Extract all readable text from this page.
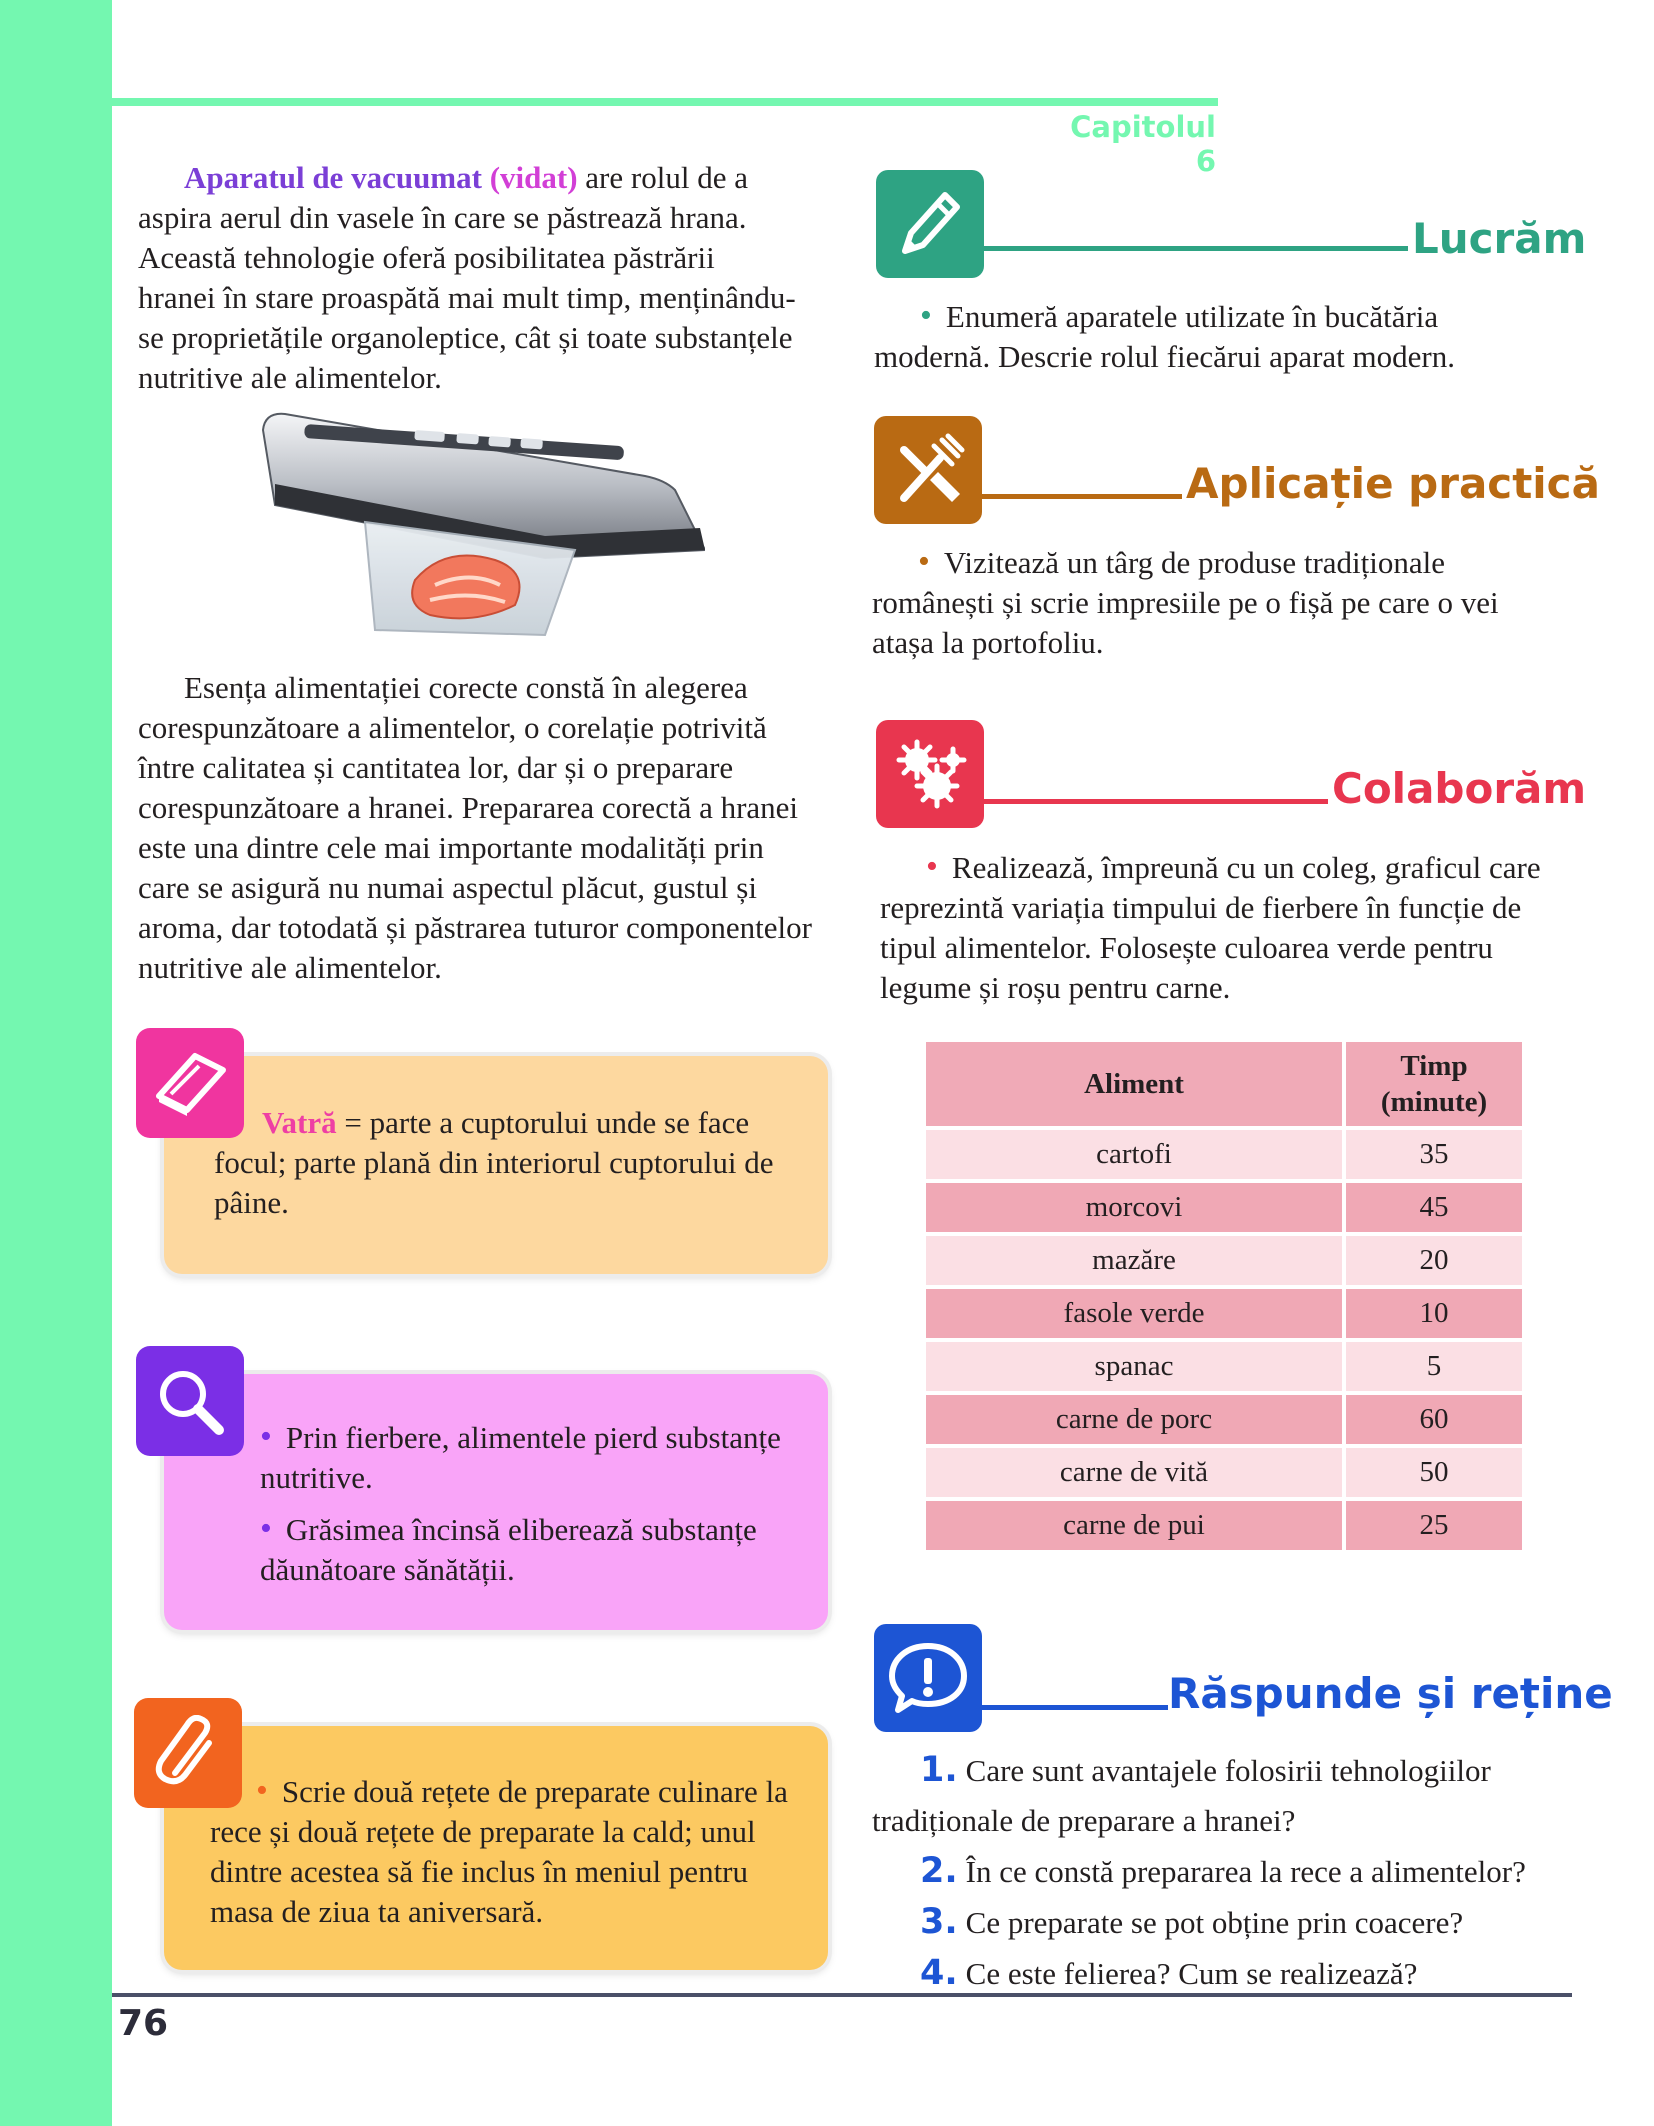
Capitolul 6

Aparatul de vacuumat (vidat) are rolul de a aspira aerul din vasele în care se păstrează hrana. Această tehnologie oferă posibilitatea păstrării hranei în stare proaspătă mai mult timp, menținându-se proprietățile organoleptice, cât și toate substanțele nutritive ale alimentelor.

Esența alimentației corecte constă în alegerea corespunzătoare a alimentelor, o corelație potrivită între calitatea și cantitatea lor, dar și o preparare corespunzătoare a hranei. Prepararea corectă a hranei este una dintre cele mai importante modalități prin care se asigură nu numai aspectul plăcut, gustul și aroma, dar totodată și păstrarea tuturor componentelor nutritive ale alimentelor.

Vatră = parte a cuptorului unde se face focul; parte plană din interiorul cuptorului de pâine.

• Prin fierbere, alimentele pierd substanțe nutritive.

• Grăsimea încinsă eliberează substanțe dăunătoare sănătății.

• Scrie două rețete de preparate culinare la rece și două rețete de preparate la cald; unul dintre acestea să fie inclus în meniul pentru masa de ziua ta aniversară.

Lucrăm

• Enumeră aparatele utilizate în bucătăria modernă. Descrie rolul fiecărui aparat modern.

Aplicație practică

• Vizitează un târg de produse tradiționale românești și scrie impresiile pe o fișă pe care o vei atașa la portofoliu.

Colaborăm

• Realizează, împreună cu un coleg, graficul care reprezintă variația timpului de fierbere în funcție de tipul alimentelor. Folosește culoarea verde pentru legume și roșu pentru carne.

Aliment	Timp
(minute)
cartofi	35
morcovi	45
mazăre	20
fasole verde	10
spanac	5
carne de porc	60
carne de vită	50
carne de pui	25
Răspunde și reține
1. Care sunt avantajele folosirii tehnologiilor
tradiționale de preparare a hranei?
2. În ce constă prepararea la rece a alimentelor?
3. Ce preparate se pot obține prin coacere?
4. Ce este felierea? Cum se realizează?
76
